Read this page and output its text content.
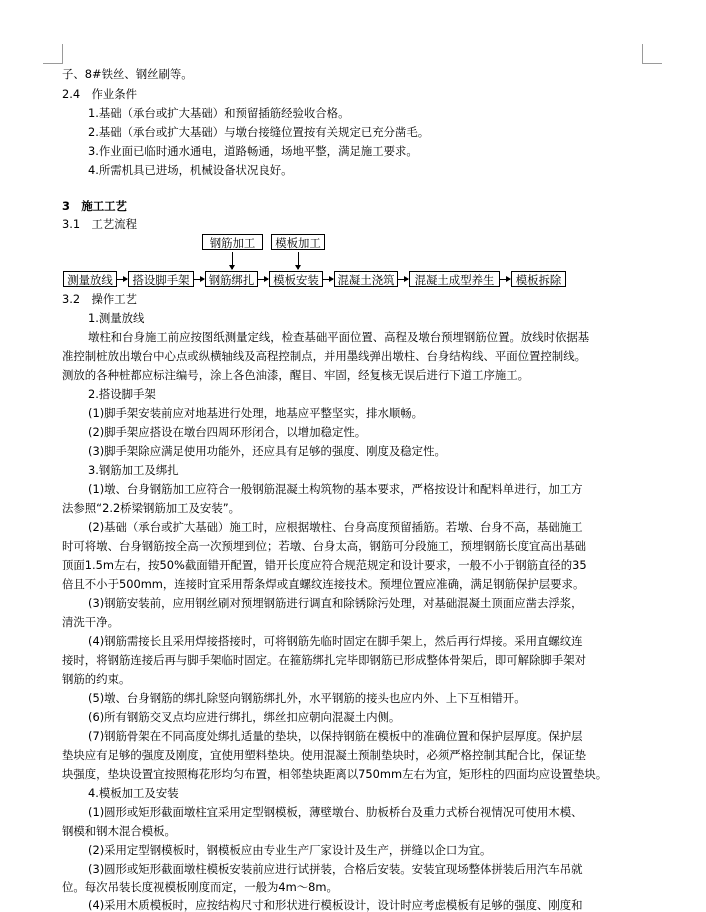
子、8#铁丝、钢丝刷等。
2.4　作业条件
1.基础（承台或扩大基础）和预留插筋经验收合格。
2.基础（承台或扩大基础）与墩台接缝位置按有关规定已充分凿毛。
3.作业面已临时通水通电，道路畅通，场地平整，满足施工要求。
4.所需机具已进场，机械设备状况良好。
3　施工工艺
3.1　工艺流程
钢筋加工	模板加工
测量放线	搭设脚手架	钢筋绑扎	模板安装	混凝土浇筑	混凝土成型养生	模板拆除
3.2　操作工艺
1.测量放线
墩柱和台身施工前应按图纸测量定线，检查基础平面位置、高程及墩台预埋钢筋位置。放线时依据基
准控制桩放出墩台中心点或纵横轴线及高程控制点，并用墨线弹出墩柱、台身结构线、平面位置控制线。
测放的各种桩都应标注编号，涂上各色油漆，醒目、牢固，经复核无误后进行下道工序施工。
2.搭设脚手架
(1)脚手架安装前应对地基进行处理，地基应平整坚实，排水顺畅。
(2)脚手架应搭设在墩台四周环形闭合，以增加稳定性。
(3)脚手架除应满足使用功能外，还应具有足够的强度、刚度及稳定性。
3.钢筋加工及绑扎
(1)墩、台身钢筋加工应符合一般钢筋混凝土构筑物的基本要求，严格按设计和配料单进行，加工方
法参照“2.2桥梁钢筋加工及安装”。
(2)基础（承台或扩大基础）施工时，应根据墩柱、台身高度预留插筋。若墩、台身不高，基础施工
时可将墩、台身钢筋按全高一次预埋到位；若墩、台身太高，钢筋可分段施工，预埋钢筋长度宜高出基础
顶面1.5m左右，按50%截面错开配置，错开长度应符合规范规定和设计要求，一般不小于钢筋直径的35
倍且不小于500mm，连接时宜采用帮条焊或直螺纹连接技术。预埋位置应准确，满足钢筋保护层要求。
(3)钢筋安装前，应用钢丝刷对预埋钢筋进行调直和除锈除污处理，对基础混凝土顶面应凿去浮浆，
清洗干净。
(4)钢筋需接长且采用焊接搭接时，可将钢筋先临时固定在脚手架上，然后再行焊接。采用直螺纹连
接时，将钢筋连接后再与脚手架临时固定。在箍筋绑扎完毕即钢筋已形成整体骨架后，即可解除脚手架对
钢筋的约束。
(5)墩、台身钢筋的绑扎除竖向钢筋绑扎外，水平钢筋的接头也应内外、上下互相错开。
(6)所有钢筋交叉点均应进行绑扎，绑丝扣应朝向混凝土内侧。
(7)钢筋骨架在不同高度处绑扎适量的垫块，以保持钢筋在模板中的准确位置和保护层厚度。保护层
垫块应有足够的强度及刚度，宜使用塑料垫块。使用混凝土预制垫块时，必须严格控制其配合比，保证垫
块强度，垫块设置宜按照梅花形均匀布置，相邻垫块距离以750mm左右为宜，矩形柱的四面均应设置垫块。
4.模板加工及安装
(1)圆形或矩形截面墩柱宜采用定型钢模板，薄壁墩台、肋板桥台及重力式桥台视情况可使用木模、
钢模和钢木混合模板。
(2)采用定型钢模板时，钢模板应由专业生产厂家设计及生产，拼缝以企口为宜。
(3)圆形或矩形截面墩柱模板安装前应进行试拼装，合格后安装。安装宜现场整体拼装后用汽车吊就
位。每次吊装长度视模板刚度而定，一般为4m～8m。
(4)采用木质模板时，应按结构尺寸和形状进行模板设计，设计时应考虑模板有足够的强度、刚度和
